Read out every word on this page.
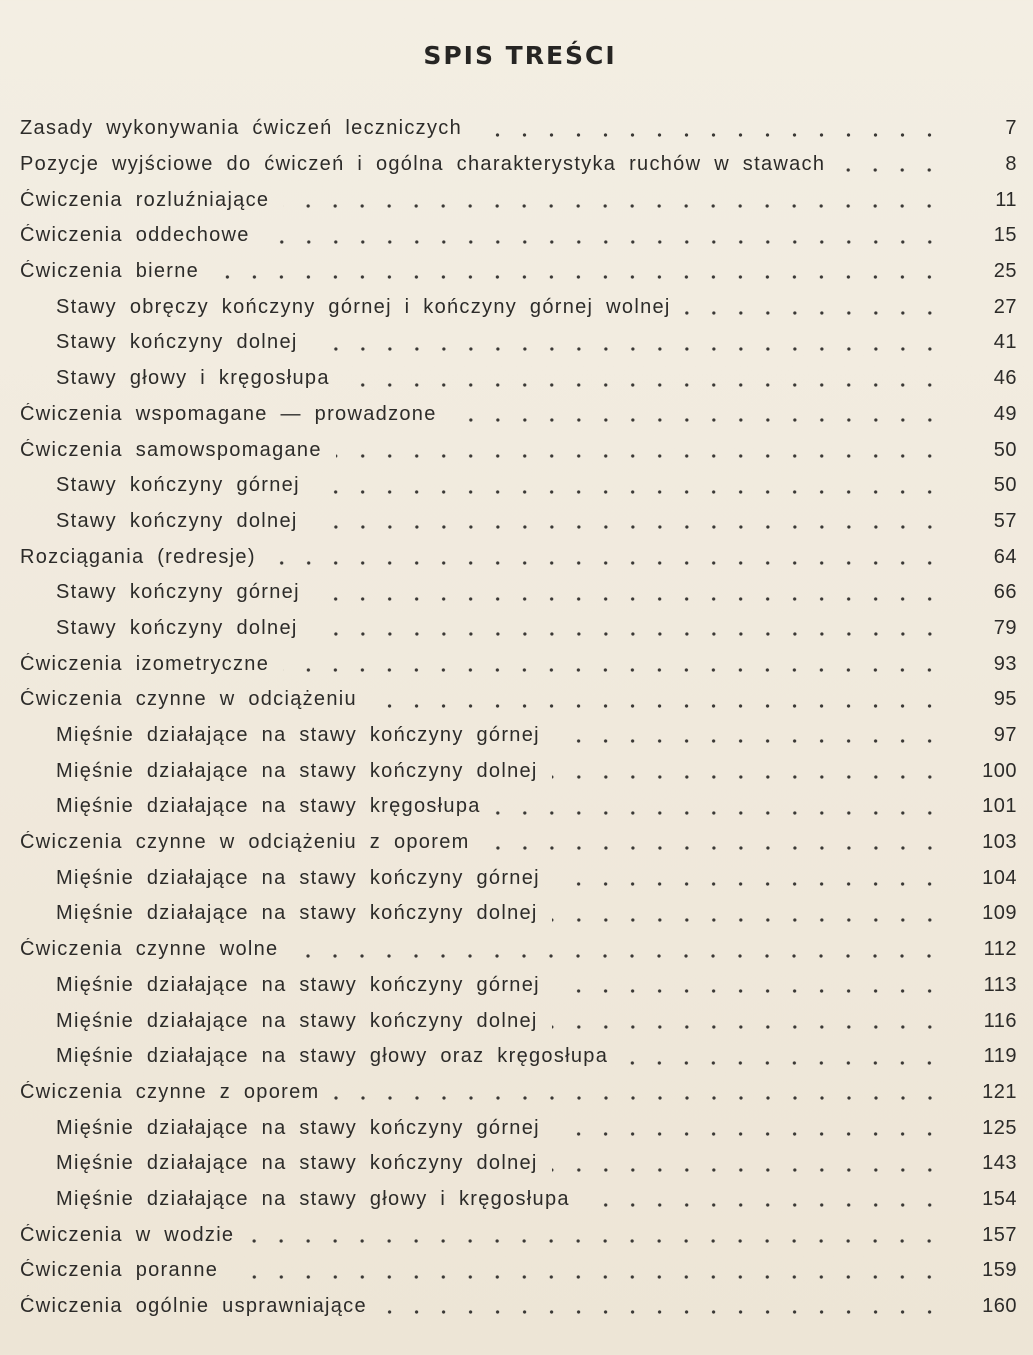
SPIS TREŚCI
Zasady wykonywania ćwiczeń leczniczych	7
Pozycje wyjściowe do ćwiczeń i ogólna charakterystyka ruchów w stawach	8
Ćwiczenia rozluźniające	11
Ćwiczenia oddechowe	15
Ćwiczenia bierne	25
Stawy obręczy kończyny górnej i kończyny górnej wolnej	27
Stawy kończyny dolnej	41
Stawy głowy i kręgosłupa	46
Ćwiczenia wspomagane — prowadzone	49
Ćwiczenia samowspomagane	50
Stawy kończyny górnej	50
Stawy kończyny dolnej	57
Rozciągania (redresje)	64
Stawy kończyny górnej	66
Stawy kończyny dolnej	79
Ćwiczenia izometryczne	93
Ćwiczenia czynne w odciążeniu	95
Mięśnie działające na stawy kończyny górnej	97
Mięśnie działające na stawy kończyny dolnej	100
Mięśnie działające na stawy kręgosłupa	101
Ćwiczenia czynne w odciążeniu z oporem	103
Mięśnie działające na stawy kończyny górnej	104
Mięśnie działające na stawy kończyny dolnej	109
Ćwiczenia czynne wolne	112
Mięśnie działające na stawy kończyny górnej	113
Mięśnie działające na stawy kończyny dolnej	116
Mięśnie działające na stawy głowy oraz kręgosłupa	119
Ćwiczenia czynne z oporem	121
Mięśnie działające na stawy kończyny górnej	125
Mięśnie działające na stawy kończyny dolnej	143
Mięśnie działające na stawy głowy i kręgosłupa	154
Ćwiczenia w wodzie	157
Ćwiczenia poranne	159
Ćwiczenia ogólnie usprawniające	160
